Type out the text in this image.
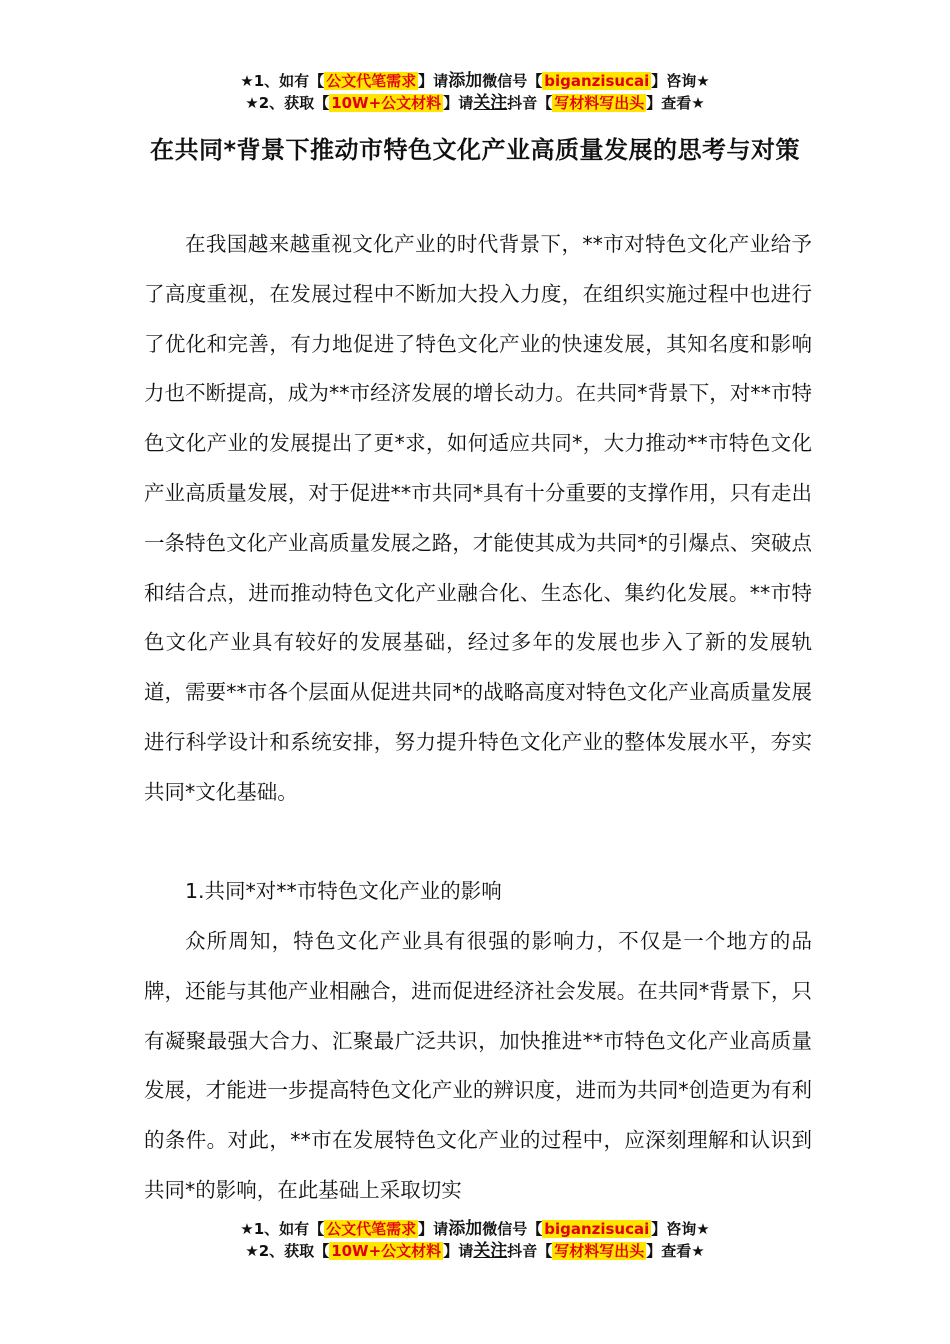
★1、如有【 公文代笔需求 】请添加微信号【 biganzisucai 】咨询★
★2、获取【 10W+公文材料 】请关注抖音【 写材料写出头 】查看★
在共同*背景下推动市特色文化产业高质量发展的思考与对策

在我国越来越重视文化产业的时代背景下，**市对特色文化产业给予了高度重视，在发展过程中不断加大投入力度，在组织实施过程中也进行了优化和完善，有力地促进了特色文化产业的快速发展，其知名度和影响力也不断提高，成为**市经济发展的增长动力。在共同*背景下，对**市特色文化产业的发展提出了更*求，如何适应共同*，大力推动**市特色文化产业高质量发展，对于促进**市共同*具有十分重要的支撑作用，只有走出一条特色文化产业高质量发展之路，才能使其成为共同*的引爆点、突破点和结合点，进而推动特色文化产业融合化、生态化、集约化发展。**市特色文化产业具有较好的发展基础，经过多年的发展也步入了新的发展轨道，需要**市各个层面从促进共同*的战略高度对特色文化产业高质量发展进行科学设计和系统安排，努力提升特色文化产业的整体发展水平，夯实共同*文化基础。

1.共同*对**市特色文化产业的影响

众所周知，特色文化产业具有很强的影响力，不仅是一个地方的品牌，还能与其他产业相融合，进而促进经济社会发展。在共同*背景下，只有凝聚最强大合力、汇聚最广泛共识，加快推进**市特色文化产业高质量发展，才能进一步提高特色文化产业的辨识度，进而为共同*创造更为有利的条件。对此，**市在发展特色文化产业的过程中，应深刻理解和认识到共同*的影响，在此基础上采取切实

★1、如有【 公文代笔需求 】请添加微信号【 biganzisucai 】咨询★
★2、获取【 10W+公文材料 】请关注抖音【 写材料写出头 】查看★
